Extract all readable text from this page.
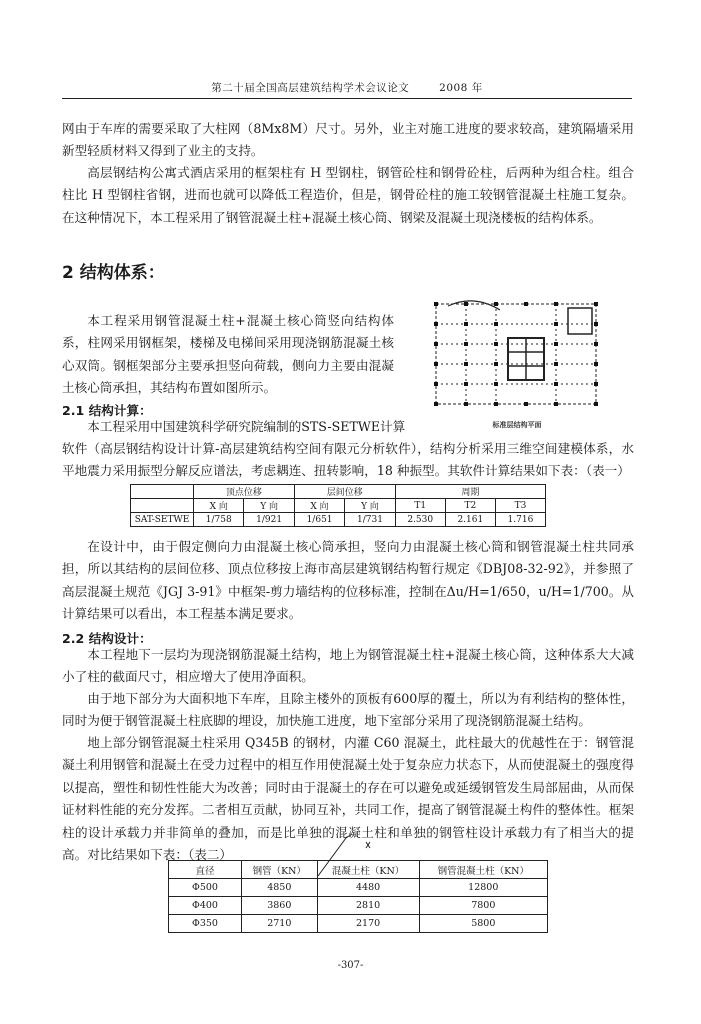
第二十届全国高层建筑结构学术会议论文	2008 年
网由于车库的需要采取了大柱网（8Mx8M）尺寸。另外，业主对施工进度的要求较高，建筑隔墙采用新型轻质材料又得到了业主的支持。
高层钢结构公寓式酒店采用的框架柱有 H 型钢柱，钢管砼柱和钢骨砼柱，后两种为组合柱。组合柱比 H 型钢柱省钢，进而也就可以降低工程造价，但是，钢骨砼柱的施工较钢管混凝土柱施工复杂。在这种情况下，本工程采用了钢管混凝土柱+混凝土核心筒、钢梁及混凝土现浇楼板的结构体系。
2 结构体系：
本工程采用钢管混凝土柱+混凝土核心筒竖向结构体系，柱网采用钢框架，楼梯及电梯间采用现浇钢筋混凝土核心双筒。钢框架部分主要承担竖向荷载，侧向力主要由混凝土核心筒承担，其结构布置如图所示。
2.1 结构计算：
本工程采用中国建筑科学研究院编制的STS-SETWE计算
软件（高层钢结构设计计算-高层建筑结构空间有限元分析软件），结构分析采用三维空间建模体系，水平地震力采用振型分解反应谱法，考虑耦连、扭转影响，18 种振型。其软件计算结果如下表：（表一）
标准层结构平面
	顶点位移		层间位移		周期		
	X 向	Y 向	X 向	Y 向	T1	T2	T3
SAT-SETWE	1/758	1/921	1/651	1/731	2.530	2.161	1.716
在设计中，由于假定侧向力由混凝土核心筒承担，竖向力由混凝土核心筒和钢管混凝土柱共同承担，所以其结构的层间位移、顶点位移按上海市高层建筑钢结构暂行规定《DBJ08-32-92》，并参照了高层混凝土规范《JGJ 3-91》中框架-剪力墙结构的位移标准，控制在Δu/H=1/650，u/H=1/700。从计算结果可以看出，本工程基本满足要求。
2.2 结构设计：
本工程地下一层均为现浇钢筋混凝土结构，地上为钢管混凝土柱+混凝土核心筒，这种体系大大减小了柱的截面尺寸，相应增大了使用净面积。
由于地下部分为大面积地下车库，且除主楼外的顶板有600厚的覆土，所以为有利结构的整体性，同时为便于钢管混凝土柱底脚的埋设，加快施工进度，地下室部分采用了现浇钢筋混凝土结构。
地上部分钢管混凝土柱采用 Q345B 的钢材，内灌 C60 混凝土，此柱最大的优越性在于：钢管混凝土利用钢管和混凝土在受力过程中的相互作用使混凝土处于复杂应力状态下，从而使混凝土的强度得以提高，塑性和韧性性能大为改善；同时由于混凝土的存在可以避免或延缓钢管发生局部屈曲，从而保证材料性能的充分发挥。二者相互贡献，协同互补，共同工作，提高了钢管混凝土构件的整体性。框架柱的设计承载力并非简单的叠加，而是比单独的混凝土柱和单独的钢管柱设计承载力有了相当大的提高。对比结果如下表：（表二）
直径	钢管（KN）	混凝土柱（KN）	钢管混凝土柱（KN）
Φ500	4850	4480	12800
Φ400	3860	2810	7800
Φ350	2710	2170	5800
-307-
